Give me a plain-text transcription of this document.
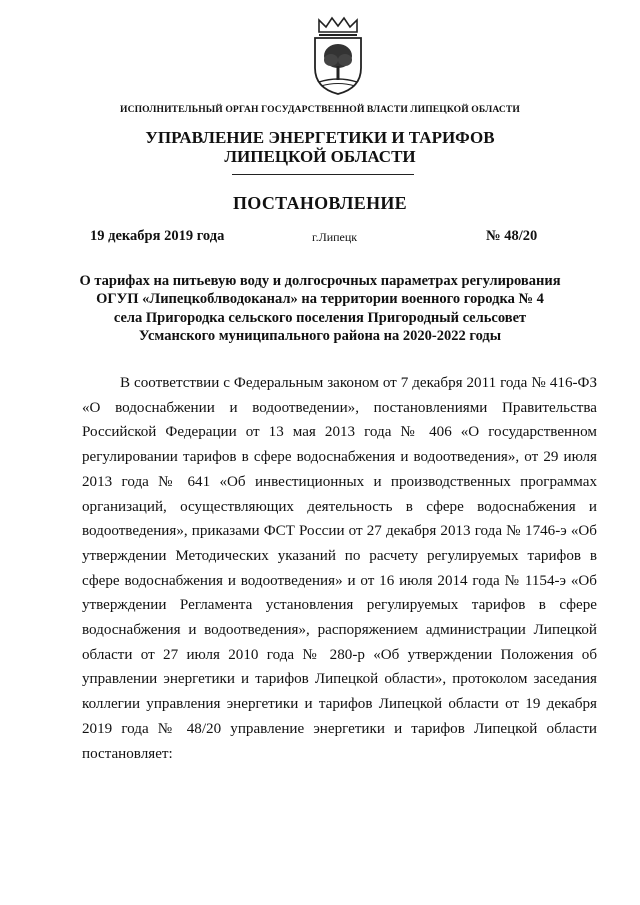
ИСПОЛНИТЕЛЬНЫЙ ОРГАН ГОСУДАРСТВЕННОЙ ВЛАСТИ ЛИПЕЦКОЙ ОБЛАСТИ
УПРАВЛЕНИЕ ЭНЕРГЕТИКИ И ТАРИФОВ
ЛИПЕЦКОЙ ОБЛАСТИ
ПОСТАНОВЛЕНИЕ
19 декабря 2019 года	г.Липецк	№ 48/20
О тарифах на питьевую воду и долгосрочных параметрах регулирования
ОГУП «Липецкоблводоканал» на территории военного городка № 4
села Пригородка сельского поселения Пригородный сельсовет
Усманского муниципального района на 2020-2022 годы

В соответствии с Федеральным законом от 7 декабря 2011 года № 416-ФЗ «О водоснабжении и водоотведении», постановлениями Правительства Российской Федерации от 13 мая 2013 года № 406 «О государственном регулировании тарифов в сфере водоснабжения и водоотведения», от 29 июля 2013 года № 641 «Об инвестиционных и производственных программах организаций, осуществляющих деятельность в сфере водоснабжения и водоотведения», приказами ФСТ России от 27 декабря 2013 года № 1746-э «Об утверждении Методических указаний по расчету регулируемых тарифов в сфере водоснабжения и водоотведения» и от 16 июля 2014 года № 1154-э «Об утверждении Регламента установления регулируемых тарифов в сфере водоснабжения и водоотведения», распоряжением администрации Липецкой области от 27 июля 2010 года № 280-р «Об утверждении Положения об управлении энергетики и тарифов Липецкой области», протоколом заседания коллегии управления энергетики и тарифов Липецкой области от 19 декабря 2019 года № 48/20 управление энергетики и тарифов Липецкой области постановляет:
